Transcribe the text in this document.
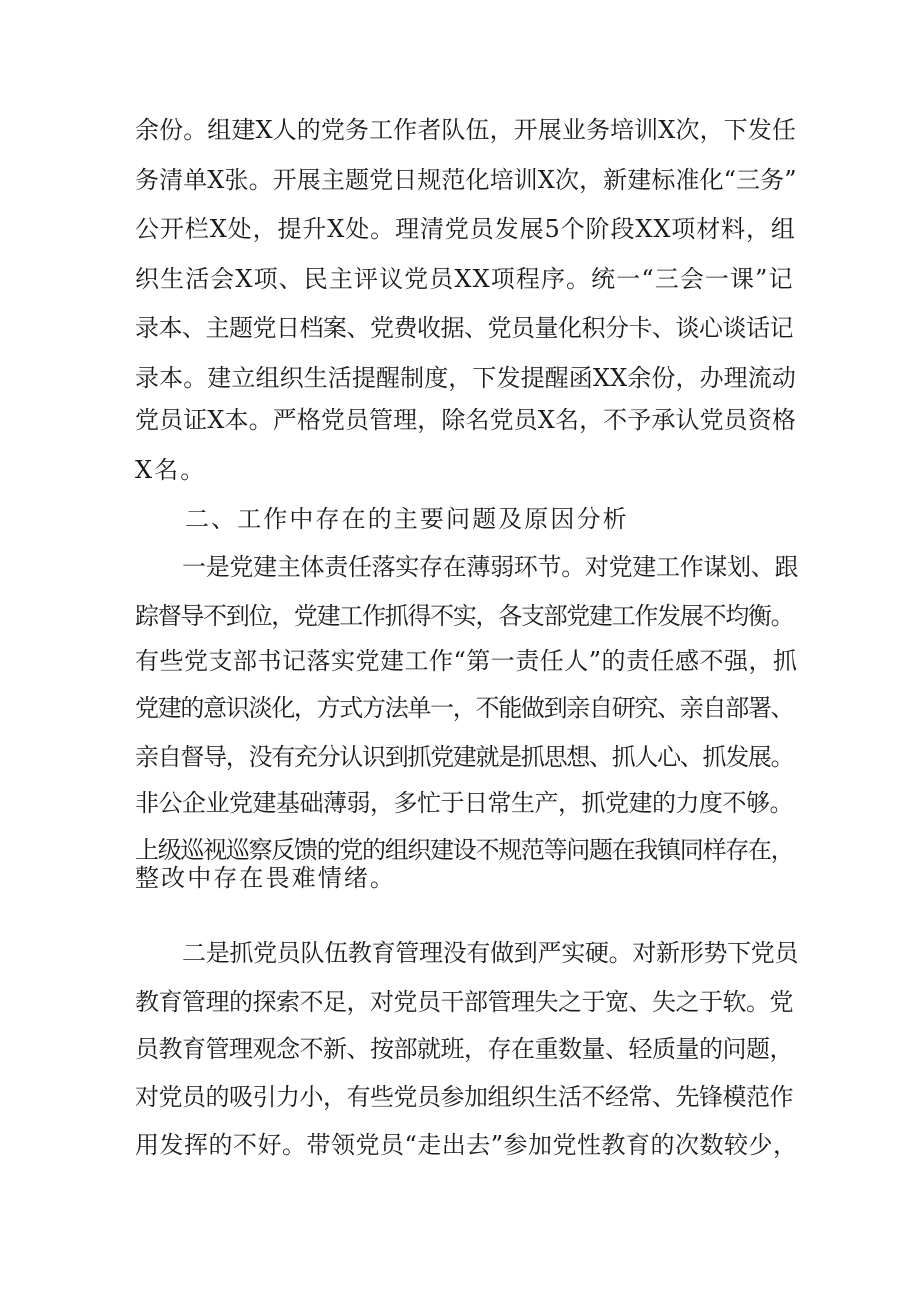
余份。组建X人的党务工作者队伍，开展业务培训X次，下发任
务清单X张。开展主题党日规范化培训X次，新建标准化“三务”
公开栏X处，提升X处。理清党员发展5个阶段XX项材料，组
织生活会X项、民主评议党员XX项程序。统一“三会一课”记
录本、主题党日档案、党费收据、党员量化积分卡、谈心谈话记
录本。建立组织生活提醒制度，下发提醒函XX余份，办理流动
党员证X本。严格党员管理，除名党员X名，不予承认党员资格
X名。
二、工作中存在的主要问题及原因分析
一是党建主体责任落实存在薄弱环节。对党建工作谋划、跟
踪督导不到位，党建工作抓得不实，各支部党建工作发展不均衡。
有些党支部书记落实党建工作“第一责任人”的责任感不强，抓
党建的意识淡化，方式方法单一，不能做到亲自研究、亲自部署、
亲自督导，没有充分认识到抓党建就是抓思想、抓人心、抓发展。
非公企业党建基础薄弱，多忙于日常生产，抓党建的力度不够。
上级巡视巡察反馈的党的组织建设不规范等问题在我镇同样存在，
整改中存在畏难情绪。
二是抓党员队伍教育管理没有做到严实硬。对新形势下党员
教育管理的探索不足，对党员干部管理失之于宽、失之于软。党
员教育管理观念不新、按部就班，存在重数量、轻质量的问题，
对党员的吸引力小，有些党员参加组织生活不经常、先锋模范作
用发挥的不好。带领党员“走出去”参加党性教育的次数较少，
